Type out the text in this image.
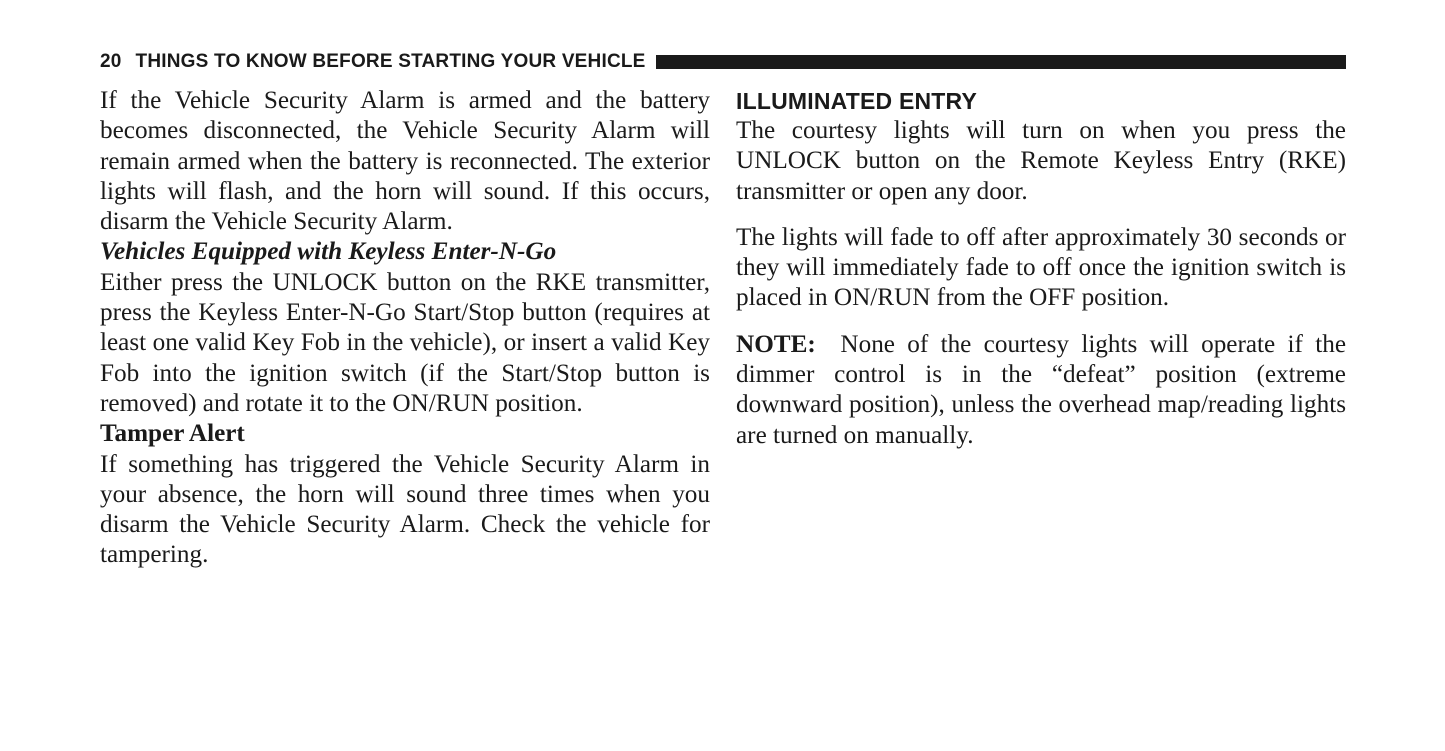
20 THINGS TO KNOW BEFORE STARTING YOUR VEHICLE

If the Vehicle Security Alarm is armed and the battery becomes disconnected, the Vehicle Security Alarm will remain armed when the battery is reconnected. The exterior lights will flash, and the horn will sound. If this occurs, disarm the Vehicle Security Alarm.

Vehicles Equipped with Keyless Enter-N-Go

Either press the UNLOCK button on the RKE transmitter, press the Keyless Enter-N-Go Start/Stop button (requires at least one valid Key Fob in the vehicle), or insert a valid Key Fob into the ignition switch (if the Start/Stop button is removed) and rotate it to the ON/RUN position.

Tamper Alert

If something has triggered the Vehicle Security Alarm in your absence, the horn will sound three times when you disarm the Vehicle Security Alarm. Check the vehicle for tampering.

ILLUMINATED ENTRY

The courtesy lights will turn on when you press the UNLOCK button on the Remote Keyless Entry (RKE) transmitter or open any door.

The lights will fade to off after approximately 30 seconds or they will immediately fade to off once the ignition switch is placed in ON/RUN from the OFF position.

NOTE: None of the courtesy lights will operate if the dimmer control is in the “defeat” position (extreme downward position), unless the overhead map/reading lights are turned on manually.
